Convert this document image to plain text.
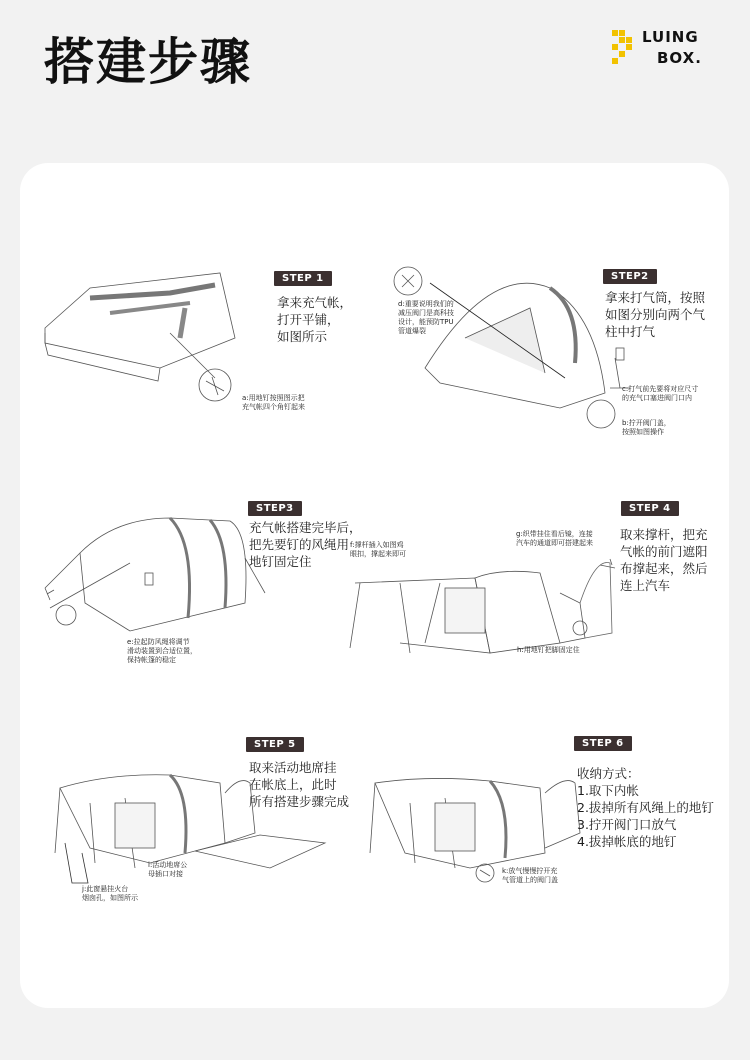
搭建步骤	LUING
BOX.
STEP 1
拿来充气帐，
打开平铺，
如图所示
a:用地钉按照图示把
充气帐四个角钉起来
STEP2
拿来打气筒，按照
如图分别向两个气
柱中打气
d:重要说明我们的
减压阀门是高科技
设计，能预防TPU
管道爆裂
c:打气前先要将对应尺寸
的充气口塞进阀门口内
b:拧开阀门盖，
按照如图操作
STEP3
充气帐搭建完毕后，
把先要钉的风绳用
地钉固定住
e:拉起防风绳将调节
滑动装置到合适位置，
保持帐篷的稳定
STEP 4
取来撑杆，把充
气帐的前门遮阳
布撑起来，然后
连上汽车
f:撑杆插入如图鸡
眼扣，撑起来即可
g:织带挂住看后镜，连接
汽车的通道即可搭建起来
h:用地钉把脚固定住
STEP 5
取来活动地席挂
在帐底上，此时
所有搭建步骤完成
i:活动地席公
母插口对接
j:此窗悬挂火台
烟囱孔，如图所示
STEP 6
收纳方式：
1.取下内帐
2.拔掉所有风绳上的地钉
3.拧开阀门口放气
4.拔掉帐底的地钉
k:放气慢慢拧开充
气管道上的阀门盖
